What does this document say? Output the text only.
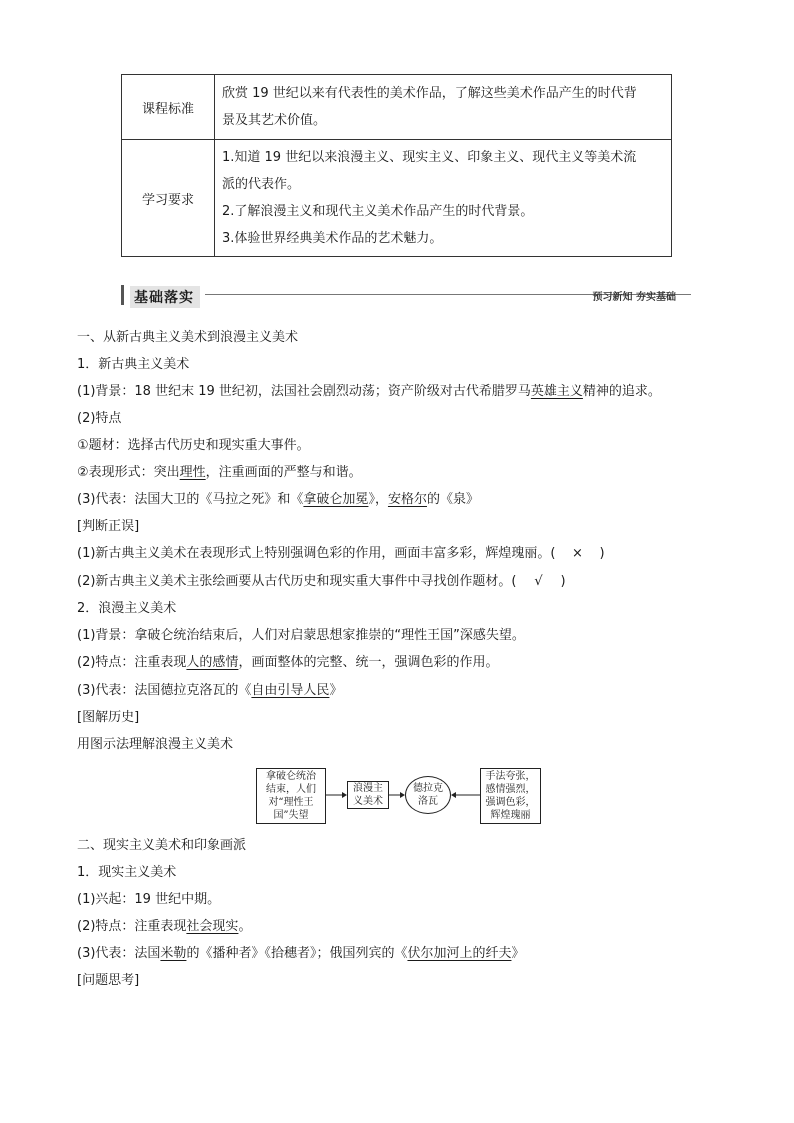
课程标准	欣赏 19 世纪以来有代表性的美术作品，了解这些美术作品产生的时代背
景及其艺术价值。

学习要求	1.知道 19 世纪以来浪漫主义、现实主义、印象主义、现代主义等美术流
派的代表作。
2.了解浪漫主义和现代主义美术作品产生的时代背景。
3.体验世界经典美术作品的艺术魅力。
基础落实	预习新知 夯实基础
一、从新古典主义美术到浪漫主义美术
1．新古典主义美术
(1)背景：18 世纪末 19 世纪初，法国社会剧烈动荡；资产阶级对古代希腊罗马英雄主义精神的追求。
(2)特点
①题材：选择古代历史和现实重大事件。
②表现形式：突出理性，注重画面的严整与和谐。
(3)代表：法国大卫的《马拉之死》和《拿破仑加冕》，安格尔的《泉》
[判断正误]
(1)新古典主义美术在表现形式上特别强调色彩的作用，画面丰富多彩，辉煌瑰丽。( × )
(2)新古典主义美术主张绘画要从古代历史和现实重大事件中寻找创作题材。( √ )
2．浪漫主义美术
(1)背景：拿破仑统治结束后，人们对启蒙思想家推崇的“理性王国”深感失望。
(2)特点：注重表现人的感情，画面整体的完整、统一，强调色彩的作用。
(3)代表：法国德拉克洛瓦的《自由引导人民》
[图解历史]
用图示法理解浪漫主义美术
拿破仑统治
结束，人们
对“理性王
国”失望
浪漫主
义美术
德拉克
洛瓦
手法夸张，
感情强烈，
强调色彩，
辉煌瑰丽
二、现实主义美术和印象画派
1．现实主义美术
(1)兴起：19 世纪中期。
(2)特点：注重表现社会现实。
(3)代表：法国米勒的《播种者》《拾穗者》；俄国列宾的《伏尔加河上的纤夫》
[问题思考]
